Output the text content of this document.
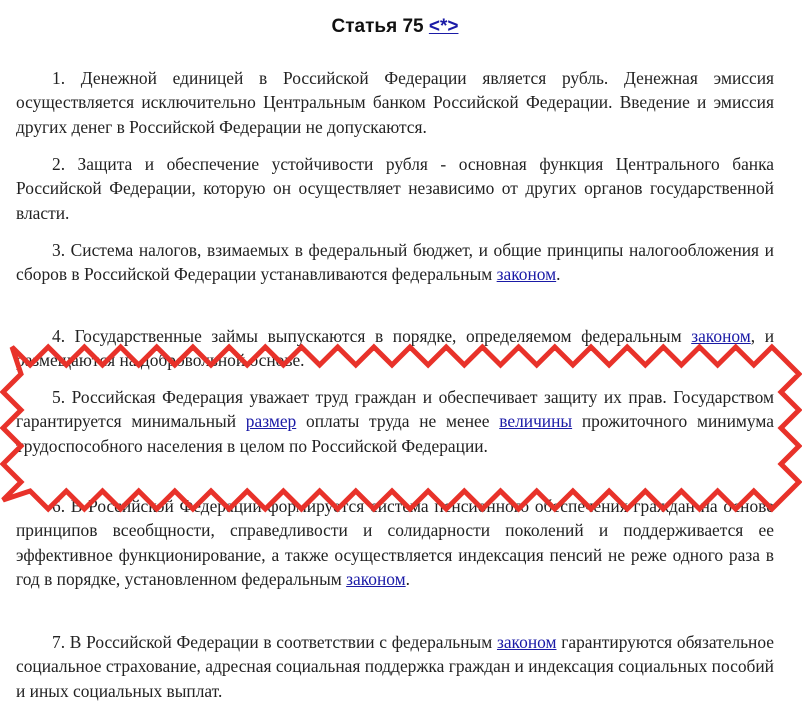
Статья 75 <*>

1. Денежной единицей в Российской Федерации является рубль. Денежная эмиссия осуществляется исключительно Центральным банком Российской Федерации. Введение и эмиссия других денег в Российской Федерации не допускаются.

2. Защита и обеспечение устойчивости рубля - основная функция Центрального банка Российской Федерации, которую он осуществляет независимо от других органов государственной власти.

3. Система налогов, взимаемых в федеральный бюджет, и общие принципы налогообложения и сборов в Российской Федерации устанавливаются федеральным законом.

4. Государственные займы выпускаются в порядке, определяемом федеральным законом, и размещаются на добровольной основе.

5. Российская Федерация уважает труд граждан и обеспечивает защиту их прав. Государством гарантируется минимальный размер оплаты труда не менее величины прожиточного минимума трудоспособного населения в целом по Российской Федерации.

6. В Российской Федерации формируется система пенсионного обеспечения граждан на основе принципов всеобщности, справедливости и солидарности поколений и поддерживается ее эффективное функционирование, а также осуществляется индексация пенсий не реже одного раза в год в порядке, установленном федеральным законом.

7. В Российской Федерации в соответствии с федеральным законом гарантируются обязательное социальное страхование, адресная социальная поддержка граждан и индексация социальных пособий и иных социальных выплат.
